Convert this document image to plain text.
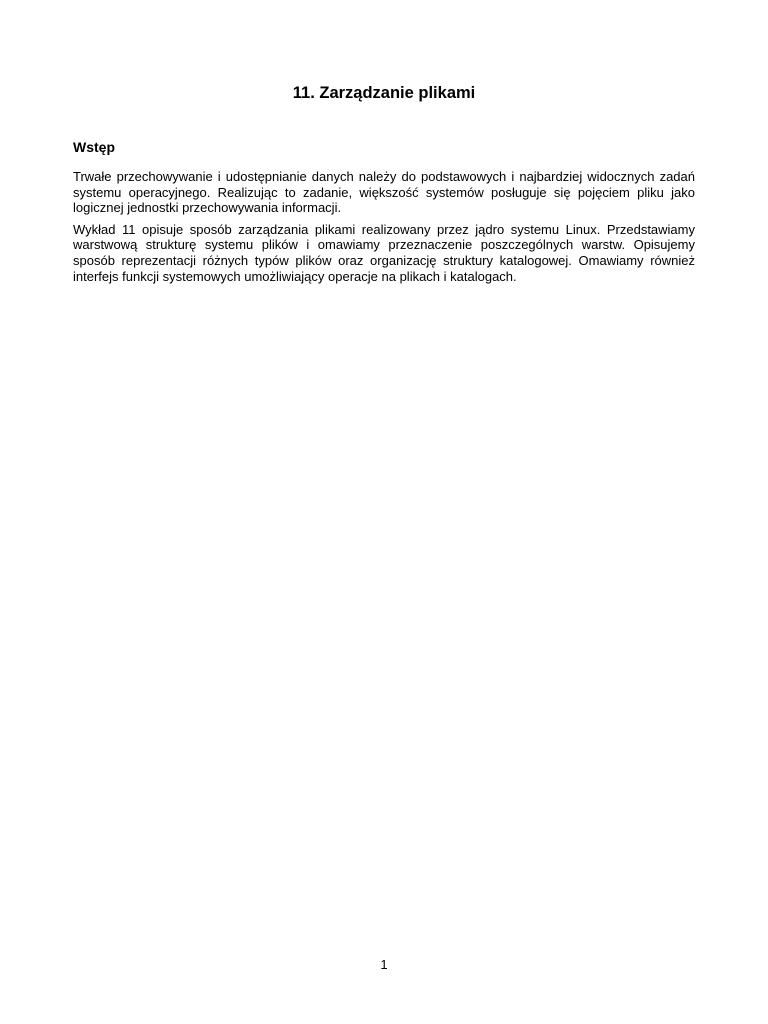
11. Zarządzanie plikami
Wstęp

Trwałe przechowywanie i udostępnianie danych należy do podstawowych i najbardziej widocznych zadań systemu operacyjnego. Realizując to zadanie, większość systemów posługuje się pojęciem pliku jako logicznej jednostki przechowywania informacji.

Wykład 11 opisuje sposób zarządzania plikami realizowany przez jądro systemu Linux. Przedstawiamy warstwową strukturę systemu plików i omawiamy przeznaczenie poszczególnych warstw. Opisujemy sposób reprezentacji różnych typów plików oraz organizację struktury katalogowej. Omawiamy również interfejs funkcji systemowych umożliwiający operacje na plikach i katalogach.

1
